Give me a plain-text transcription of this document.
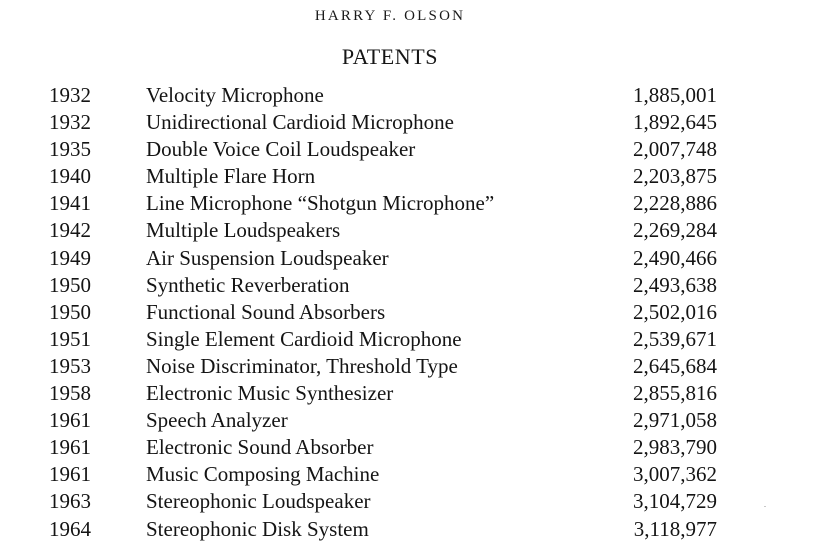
HARRY F. OLSON
PATENTS
1932	Velocity Microphone	1,885,001
1932	Unidirectional Cardioid Microphone	1,892,645
1935	Double Voice Coil Loudspeaker	2,007,748
1940	Multiple Flare Horn	2,203,875
1941	Line Microphone “Shotgun Microphone”	2,228,886
1942	Multiple Loudspeakers	2,269,284
1949	Air Suspension Loudspeaker	2,490,466
1950	Synthetic Reverberation	2,493,638
1950	Functional Sound Absorbers	2,502,016
1951	Single Element Cardioid Microphone	2,539,671
1953	Noise Discriminator, Threshold Type	2,645,684
1958	Electronic Music Synthesizer	2,855,816
1961	Speech Analyzer	2,971,058
1961	Electronic Sound Absorber	2,983,790
1961	Music Composing Machine	3,007,362
1963	Stereophonic Loudspeaker	3,104,729
1964	Stereophonic Disk System	3,118,977
